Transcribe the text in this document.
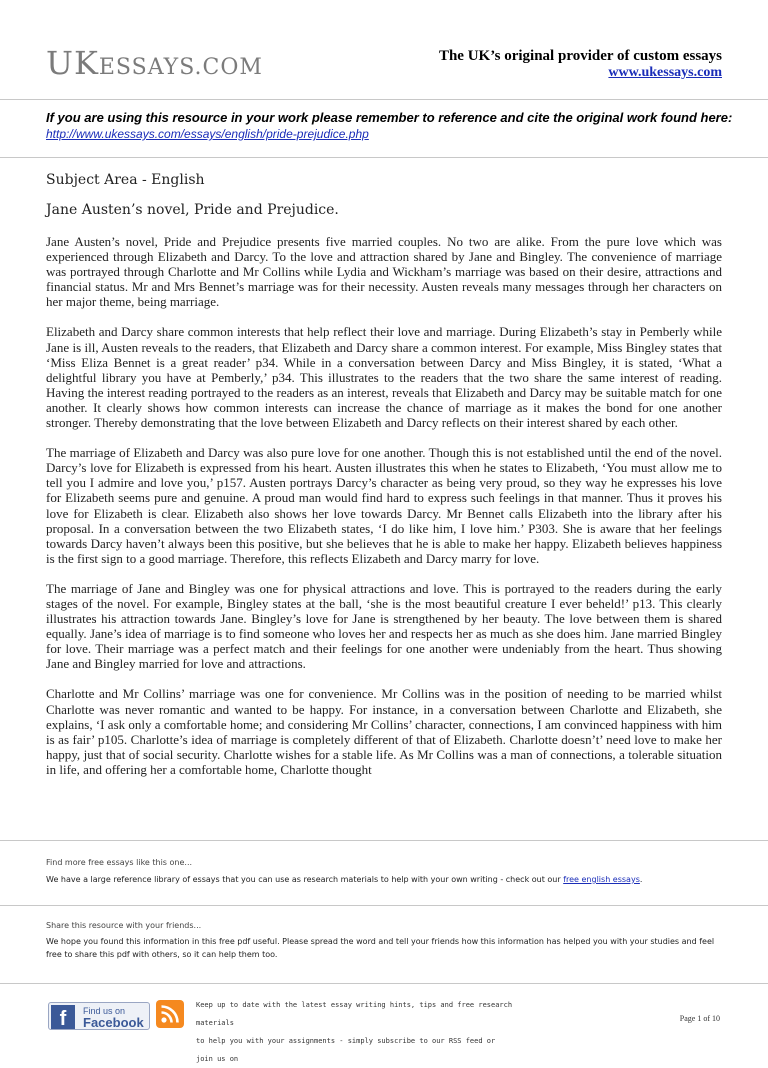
UKESSAYS.COM	The UK’s original provider of custom essays
www.ukessays.com
If you are using this resource in your work please remember to reference and cite the original work found here:
http://www.ukessays.com/essays/english/pride-prejudice.php
Subject Area - English
Jane Austen’s novel, Pride and Prejudice.

Jane Austen’s novel, Pride and Prejudice presents five married couples. No two are alike. From the pure love which was experienced through Elizabeth and Darcy. To the love and attraction shared by Jane and Bingley. The convenience of marriage was portrayed through Charlotte and Mr Collins while Lydia and Wickham’s marriage was based on their desire, attractions and financial status. Mr and Mrs Bennet’s marriage was for their necessity. Austen reveals many messages through her characters on her major theme, being marriage.

Elizabeth and Darcy share common interests that help reflect their love and marriage. During Elizabeth’s stay in Pemberly while Jane is ill, Austen reveals to the readers, that Elizabeth and Darcy share a common interest. For example, Miss Bingley states that ‘Miss Eliza Bennet is a great reader’ p34. While in a conversation between Darcy and Miss Bingley, it is stated, ‘What a delightful library you have at Pemberly,’ p34. This illustrates to the readers that the two share the same interest of reading. Having the interest reading portrayed to the readers as an interest, reveals that Elizabeth and Darcy may be suitable match for one another. It clearly shows how common interests can increase the chance of marriage as it makes the bond for one another stronger. Thereby demonstrating that the love between Elizabeth and Darcy reflects on their interest shared by each other.

The marriage of Elizabeth and Darcy was also pure love for one another. Though this is not established until the end of the novel. Darcy’s love for Elizabeth is expressed from his heart. Austen illustrates this when he states to Elizabeth, ‘You must allow me to tell you I admire and love you,’ p157. Austen portrays Darcy’s character as being very proud, so they way he expresses his love for Elizabeth seems pure and genuine. A proud man would find hard to express such feelings in that manner. Thus it proves his love for Elizabeth is clear. Elizabeth also shows her love towards Darcy. Mr Bennet calls Elizabeth into the library after his proposal. In a conversation between the two Elizabeth states, ‘I do like him, I love him.’ P303. She is aware that her feelings towards Darcy haven’t always been this positive, but she believes that he is able to make her happy. Elizabeth believes happiness is the first sign to a good marriage. Therefore, this reflects Elizabeth and Darcy marry for love.

The marriage of Jane and Bingley was one for physical attractions and love. This is portrayed to the readers during the early stages of the novel. For example, Bingley states at the ball, ‘she is the most beautiful creature I ever beheld!’ p13. This clearly illustrates his attraction towards Jane. Bingley’s love for Jane is strengthened by her beauty. The love between them is shared equally. Jane’s idea of marriage is to find someone who loves her and respects her as much as she does him. Jane married Bingley for love. Their marriage was a perfect match and their feelings for one another were undeniably from the heart. Thus showing Jane and Bingley married for love and attractions.

Charlotte and Mr Collins’ marriage was one for convenience. Mr Collins was in the position of needing to be married whilst Charlotte was never romantic and wanted to be happy. For instance, in a conversation between Charlotte and Elizabeth, she explains, ‘I ask only a comfortable home; and considering Mr Collins’ character, connections, I am convinced happiness with him is as fair’ p105. Charlotte’s idea of marriage is completely different of that of Elizabeth. Charlotte doesn’t’ need love to make her happy, just that of social security. Charlotte wishes for a stable life. As Mr Collins was a man of connections, a tolerable situation in life, and offering her a comfortable home, Charlotte thought

Find more free essays like this one...
We have a large reference library of essays that you can use as research materials to help with your own writing - check out our free english essays.
Share this resource with your friends...
We hope you found this information in this free pdf useful. Please spread the word and tell your friends how this information has helped you with your studies and feel free to share this pdf with others, so it can help them too.
f	Find us on
Facebook
Keep up to date with the latest essay writing hints, tips and free research materials
to help you with your assignments - simply subscribe to our RSS feed or join us on
Page 1 of 10
